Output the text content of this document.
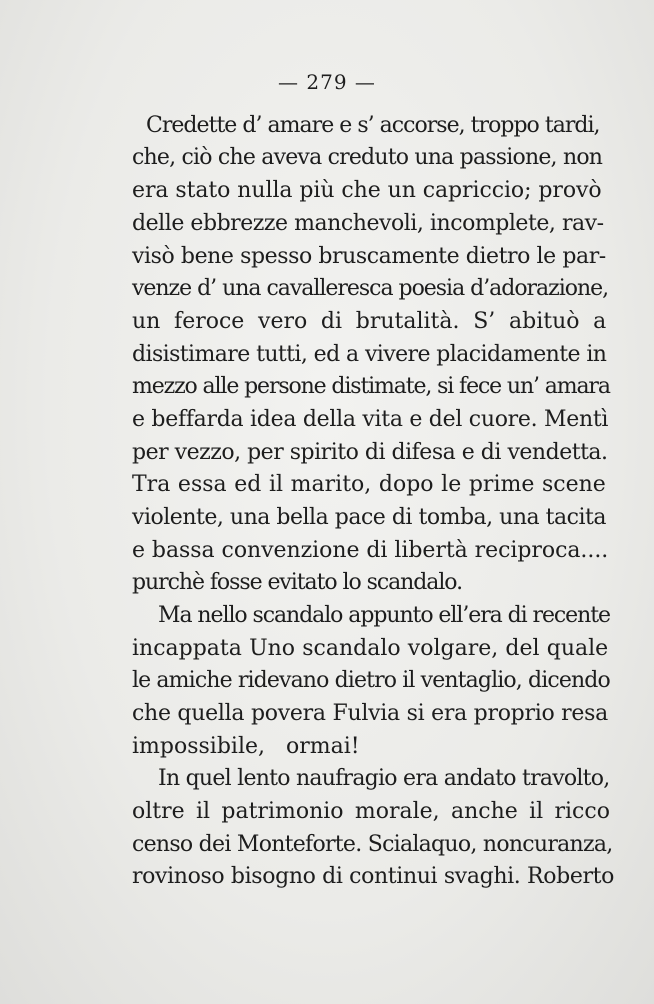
— 279 —
Credette d’ amare e s’ accorse, troppo tardi,
che, ciò che aveva creduto una passione, non
era stato nulla più che un capriccio; provò
delle ebbrezze manchevoli, incomplete, rav-
visò bene spesso bruscamente dietro le par-
venze d’ una cavalleresca poesia d’adorazione,
un feroce vero di brutalità. S’ abituò a
disistimare tutti, ed a vivere placidamente in
mezzo alle persone distimate, si fece un’ amara
e beffarda idea della vita e del cuore. Mentì
per vezzo, per spirito di difesa e di vendetta.
Tra essa ed il marito, dopo le prime scene
violente, una bella pace di tomba, una tacita
e bassa convenzione di libertà reciproca....
purchè fosse evitato lo scandalo.
Ma nello scandalo appunto ell’era di recente
incappata Uno scandalo volgare, del quale
le amiche ridevano dietro il ventaglio, dicendo
che quella povera Fulvia si era proprio resa
impossibile, ormai!
In quel lento naufragio era andato travolto,
oltre il patrimonio morale, anche il ricco
censo dei Monteforte. Scialaquo, noncuranza,
rovinoso bisogno di continui svaghi. Roberto
